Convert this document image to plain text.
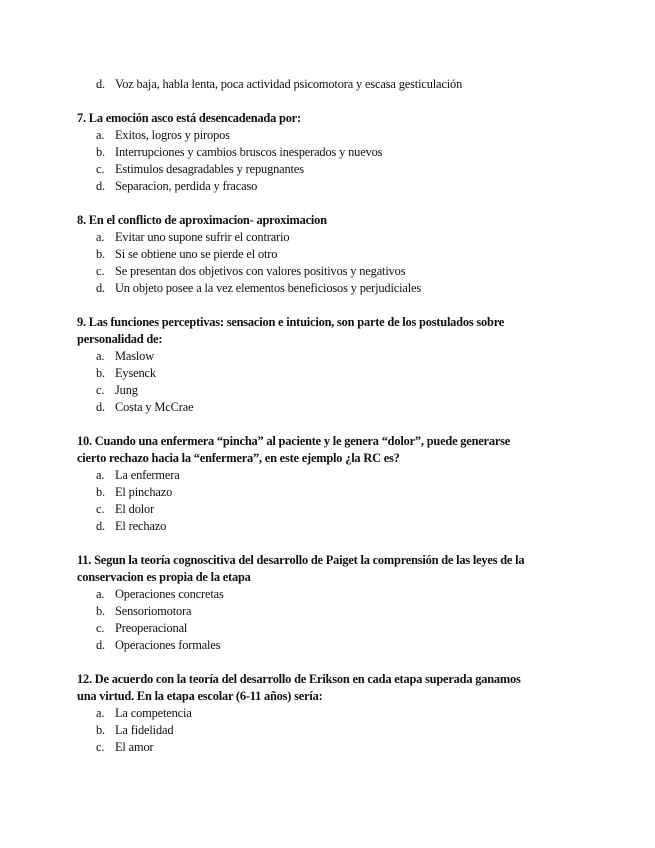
d. Voz baja, habla lenta, poca actividad psicomotora y escasa gesticulación
7. La emoción asco está desencadenada por:
a. Exitos, logros y piropos
b. Interrupciones y cambios bruscos inesperados y nuevos
c. Estimulos desagradables y repugnantes
d. Separacion, perdida y fracaso
8. En el conflicto de aproximacion- aproximacion
a. Evitar uno supone sufrir el contrario
b. Si se obtiene uno se pierde el otro
c. Se presentan dos objetivos con valores positivos y negativos
d. Un objeto posee a la vez elementos beneficiosos y perjudiciales
9. Las funciones perceptivas: sensacion e intuicion, son parte de los postulados sobre
personalidad de:
a. Maslow
b. Eysenck
c. Jung
d. Costa y McCrae
10. Cuando una enfermera “pincha” al paciente y le genera “dolor”, puede generarse
cierto rechazo hacia la “enfermera”, en este ejemplo ¿la RC es?
a. La enfermera
b. El pinchazo
c. El dolor
d. El rechazo
11. Segun la teoría cognoscitiva del desarrollo de Paiget la comprensión de las leyes de la
conservacion es propia de la etapa
a. Operaciones concretas
b. Sensoriomotora
c. Preoperacional
d. Operaciones formales
12. De acuerdo con la teoría del desarrollo de Erikson en cada etapa superada ganamos
una virtud. En la etapa escolar (6-11 años) sería:
a. La competencia
b. La fidelidad
c. El amor
